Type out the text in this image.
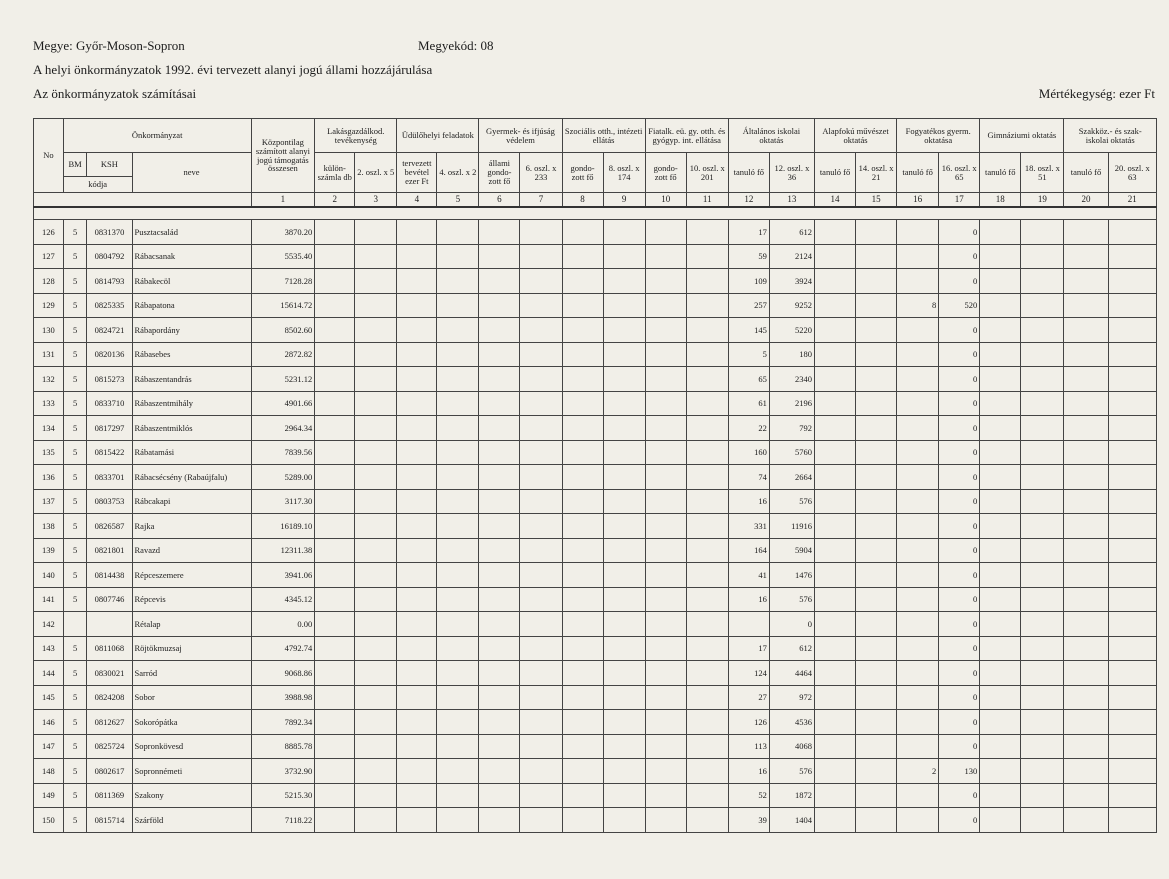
Megye: Győr-Moson-Sopron	Megyekód: 08
A helyi önkormányzatok 1992. évi tervezett alanyi jogú állami hozzájárulása
Az önkormányzatok számításai	Mértékegység: ezer Ft
No	Önkormányzat			Központilag számított alanyi jogú támogatás összesen	Lakásgazdálkod. tevékenység		Üdülőhelyi feladatok		Gyermek- és ifjúság védelem		Szociális otth., intézeti ellátás		Fiatalk. eü. gy. otth. és gyógyp. int. ellátása		Általános iskolai oktatás		Alapfokú művészet oktatás		Fogyatékos gyerm. oktatása		Gimnáziumi oktatás		Szakköz.- és szak- iskolai oktatás	
	BM	KSH	neve		külön- számla db	2. oszl. x 5	tervezett bevétel ezer Ft	4. oszl. x 2	állami gondo- zott fő	6. oszl. x 233	gondo- zott fő	8. oszl. x 174	gondo- zott fő	10. oszl. x 201	tanuló fő	12. oszl. x 36	tanuló fő	14. oszl. x 21	tanuló fő	16. oszl. x 65	tanuló fő	18. oszl. x 51	tanuló fő	20. oszl. x 63
	kódja																							
				1	2	3	4	5	6	7	8	9	10	11	12	13	14	15	16	17	18	19	20	21

126	5	0831370	Pusztacsalád	3870.20											17	612				0				
127	5	0804792	Rábacsanak	5535.40											59	2124				0				
128	5	0814793	Rábakecöl	7128.28											109	3924				0				
129	5	0825335	Rábapatona	15614.72											257	9252			8	520				
130	5	0824721	Rábapordány	8502.60											145	5220				0				
131	5	0820136	Rábasebes	2872.82											5	180				0				
132	5	0815273	Rábaszentandrás	5231.12											65	2340				0				
133	5	0833710	Rábaszentmihály	4901.66											61	2196				0				
134	5	0817297	Rábaszentmiklós	2964.34											22	792				0				
135	5	0815422	Rábatamási	7839.56											160	5760				0				
136	5	0833701	Rábacsécsény (Rabaújfalu)	5289.00											74	2664				0				
137	5	0803753	Rábcakapi	3117.30											16	576				0				
138	5	0826587	Rajka	16189.10											331	11916				0				
139	5	0821801	Ravazd	12311.38											164	5904				0				
140	5	0814438	Répceszemere	3941.06											41	1476				0				
141	5	0807746	Répcevis	4345.12											16	576				0				
142			Rétalap	0.00												0				0				
143	5	0811068	Röjtökmuzsaj	4792.74											17	612				0				
144	5	0830021	Sarród	9068.86											124	4464				0				
145	5	0824208	Sobor	3988.98											27	972				0				
146	5	0812627	Sokorópátka	7892.34											126	4536				0				
147	5	0825724	Sopronkövesd	8885.78											113	4068				0				
148	5	0802617	Sopronnémeti	3732.90											16	576			2	130				
149	5	0811369	Szakony	5215.30											52	1872				0				
150	5	0815714	Szárföld	7118.22											39	1404				0				
